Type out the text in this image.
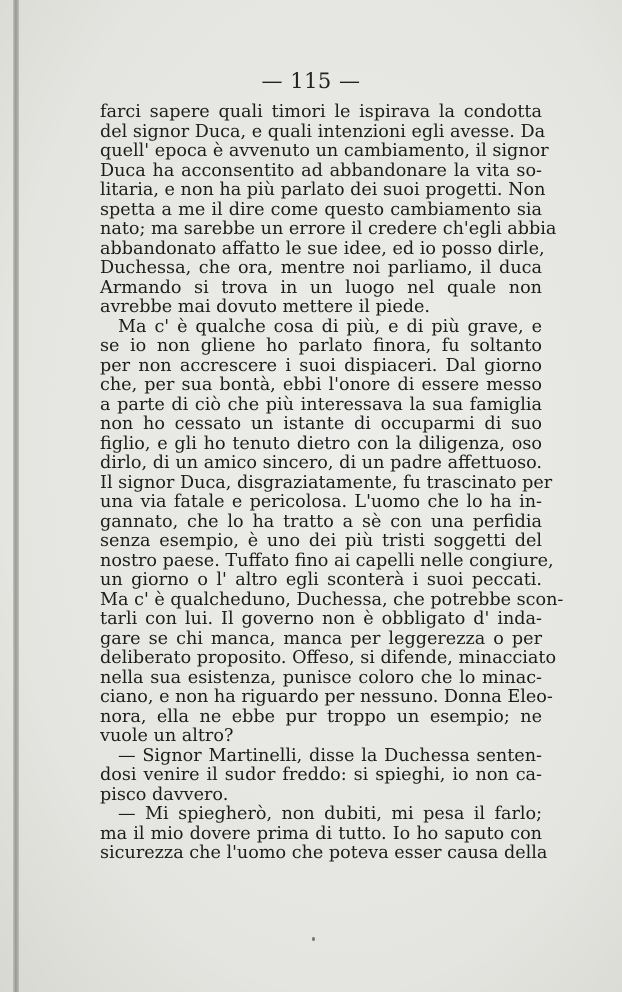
— 115 —
farci sapere quali timori le ispirava la condotta
del signor Duca, e quali intenzioni egli avesse. Da
quell' epoca è avvenuto un cambiamento, il signor
Duca ha acconsentito ad abbandonare la vita so-
litaria, e non ha più parlato dei suoi progetti. Non
spetta a me il dire come questo cambiamento sia
nato; ma sarebbe un errore il credere ch'egli abbia
abbandonato affatto le sue idee, ed io posso dirle,
Duchessa, che ora, mentre noi parliamo, il duca
Armando si trova in un luogo nel quale non
avrebbe mai dovuto mettere il piede.
Ma c' è qualche cosa di più, e di più grave, e
se io non gliene ho parlato finora, fu soltanto
per non accrescere i suoi dispiaceri. Dal giorno
che, per sua bontà, ebbi l'onore di essere messo
a parte di ciò che più interessava la sua famiglia
non ho cessato un istante di occuparmi di suo
figlio, e gli ho tenuto dietro con la diligenza, oso
dirlo, di un amico sincero, di un padre affettuoso.
Il signor Duca, disgraziatamente, fu trascinato per
una via fatale e pericolosa. L'uomo che lo ha in-
gannato, che lo ha tratto a sè con una perfidia
senza esempio, è uno dei più tristi soggetti del
nostro paese. Tuffato fino ai capelli nelle congiure,
un giorno o l' altro egli sconterà i suoi peccati.
Ma c' è qualcheduno, Duchessa, che potrebbe scon-
tarli con lui. Il governo non è obbligato d' inda-
gare se chi manca, manca per leggerezza o per
deliberato proposito. Offeso, si difende, minacciato
nella sua esistenza, punisce coloro che lo minac-
ciano, e non ha riguardo per nessuno. Donna Eleo-
nora, ella ne ebbe pur troppo un esempio; ne
vuole un altro?
— Signor Martinelli, disse la Duchessa senten-
dosi venire il sudor freddo: si spieghi, io non ca-
pisco davvero.
— Mi spiegherò, non dubiti, mi pesa il farlo;
ma il mio dovere prima di tutto. Io ho saputo con
sicurezza che l'uomo che poteva esser causa della
